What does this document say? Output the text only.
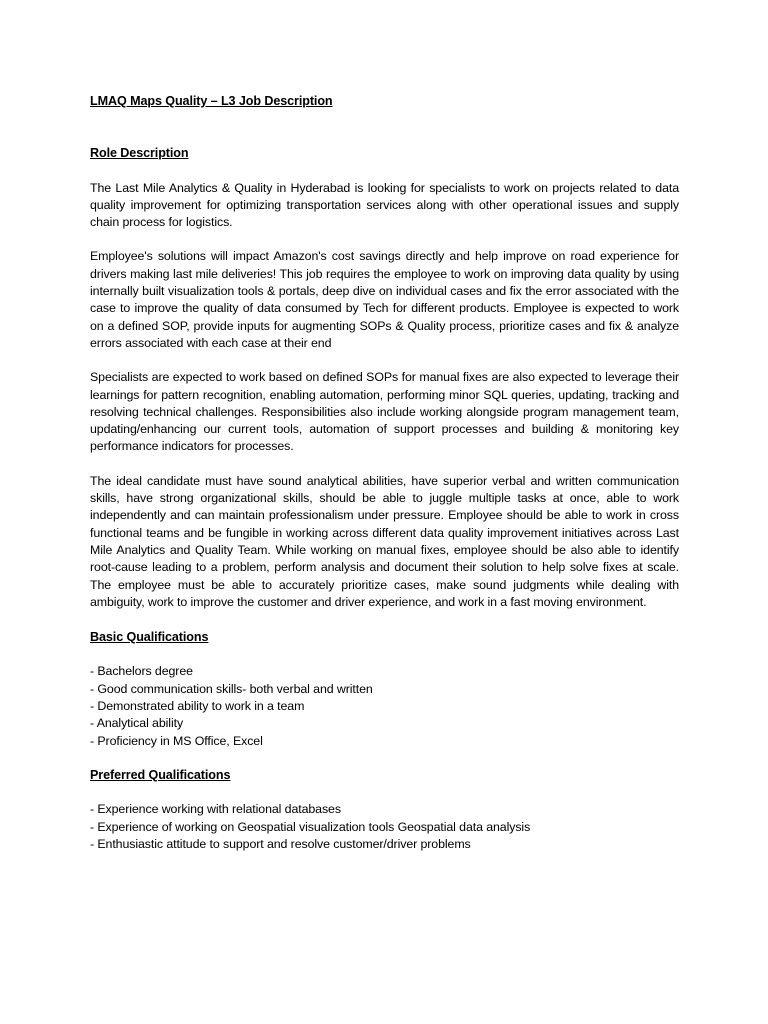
LMAQ Maps Quality – L3 Job Description
Role Description

The Last Mile Analytics & Quality in Hyderabad is looking for specialists to work on projects related to data quality improvement for optimizing transportation services along with other operational issues and supply chain process for logistics.

Employee's solutions will impact Amazon's cost savings directly and help improve on road experience for drivers making last mile deliveries! This job requires the employee to work on improving data quality by using internally built visualization tools & portals, deep dive on individual cases and fix the error associated with the case to improve the quality of data consumed by Tech for different products. Employee is expected to work on a defined SOP, provide inputs for augmenting SOPs & Quality process, prioritize cases and fix & analyze errors associated with each case at their end

Specialists are expected to work based on defined SOPs for manual fixes are also expected to leverage their learnings for pattern recognition, enabling automation, performing minor SQL queries, updating, tracking and resolving technical challenges. Responsibilities also include working alongside program management team, updating/enhancing our current tools, automation of support processes and building & monitoring key performance indicators for processes.

The ideal candidate must have sound analytical abilities, have superior verbal and written communication skills, have strong organizational skills, should be able to juggle multiple tasks at once, able to work independently and can maintain professionalism under pressure. Employee should be able to work in cross functional teams and be fungible in working across different data quality improvement initiatives across Last Mile Analytics and Quality Team. While working on manual fixes, employee should be also able to identify root-cause leading to a problem, perform analysis and document their solution to help solve fixes at scale. The employee must be able to accurately prioritize cases, make sound judgments while dealing with ambiguity, work to improve the customer and driver experience, and work in a fast moving environment.

Basic Qualifications
- Bachelors degree
- Good communication skills- both verbal and written
- Demonstrated ability to work in a team
- Analytical ability
- Proficiency in MS Office, Excel
Preferred Qualifications
- Experience working with relational databases
- Experience of working on Geospatial visualization tools Geospatial data analysis
- Enthusiastic attitude to support and resolve customer/driver problems
